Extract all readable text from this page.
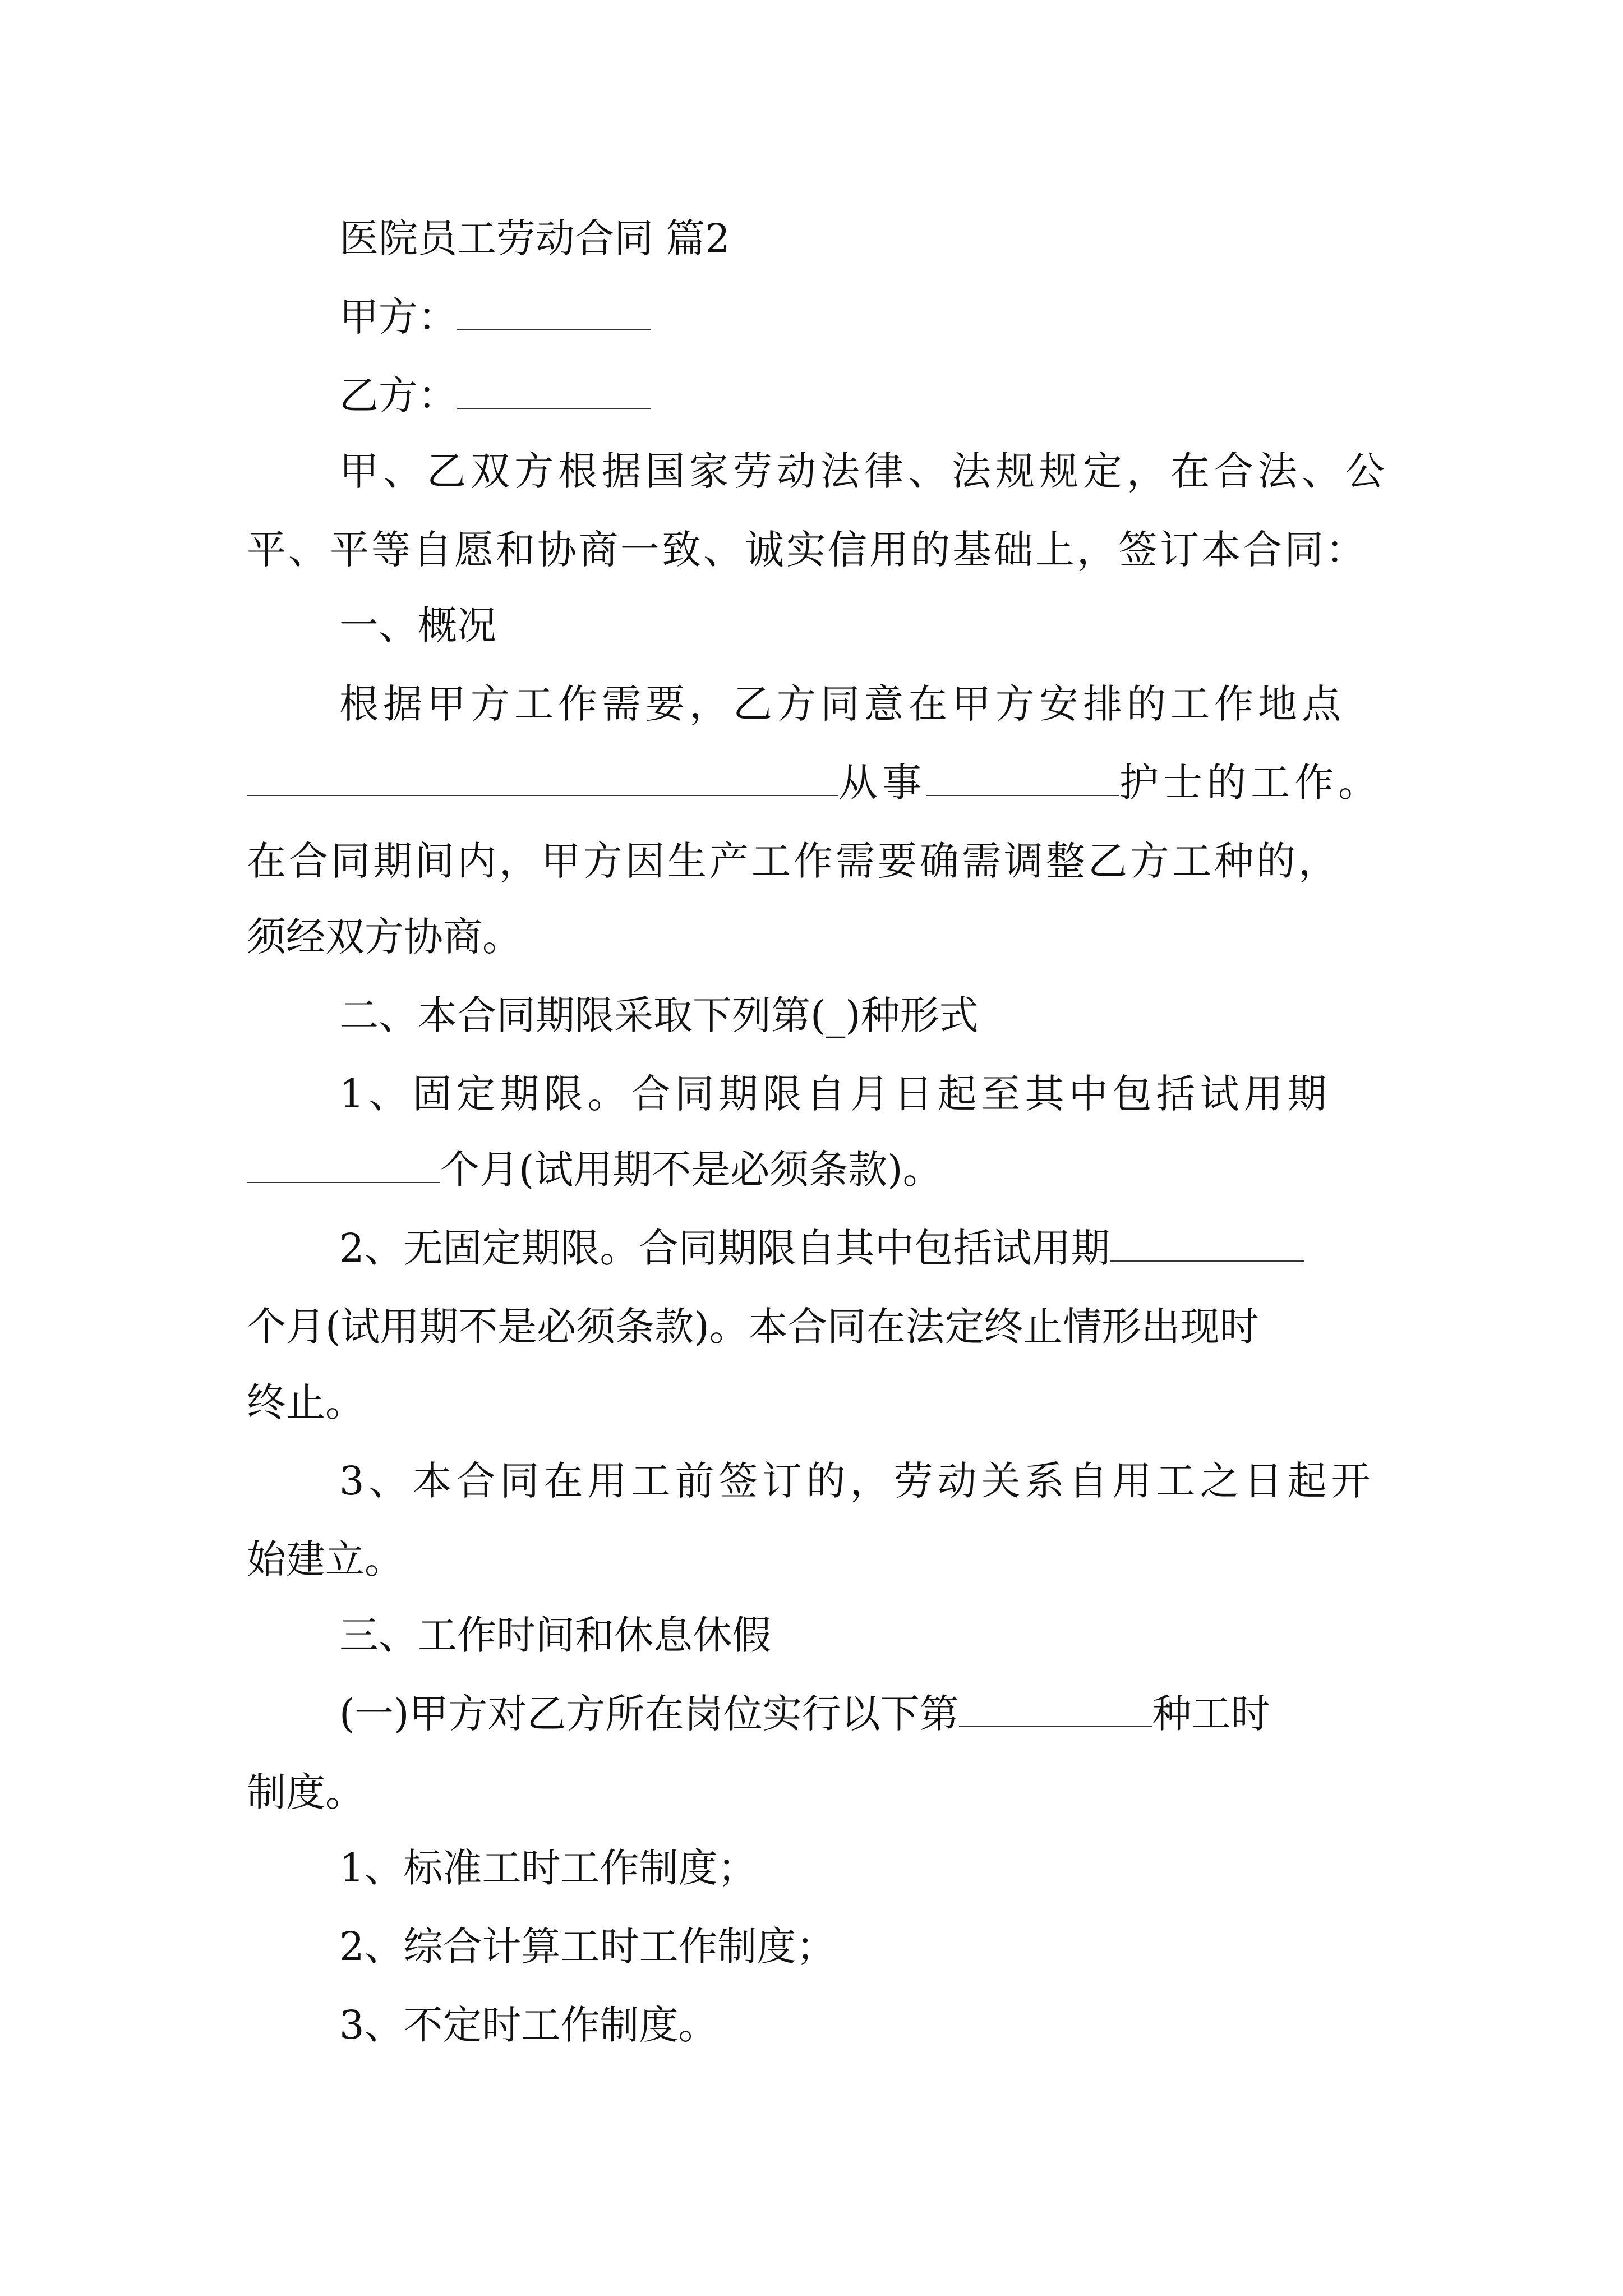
医院员工劳动合同 篇2
甲方：
乙方：
甲、乙双方根据国家劳动法律、法规规定，在合法、公
平、平等自愿和协商一致、诚实信用的基础上，签订本合同：
一、概况
根据甲方工作需要，乙方同意在甲方安排的工作地点
从事	护士的工作。
在合同期间内，甲方因生产工作需要确需调整乙方工种的，
须经双方协商。
二、本合同期限采取下列第(_)种形式
1、固定期限。合同期限自月日起至其中包括试用期
个月(试用期不是必须条款)。
2、无固定期限。合同期限自其中包括试用期
个月(试用期不是必须条款)。本合同在法定终止情形出现时
终止。
3、本合同在用工前签订的，劳动关系自用工之日起开
始建立。
三、工作时间和休息休假
(一)甲方对乙方所在岗位实行以下第	种工时
制度。
1、标准工时工作制度；
2、综合计算工时工作制度；
3、不定时工作制度。
